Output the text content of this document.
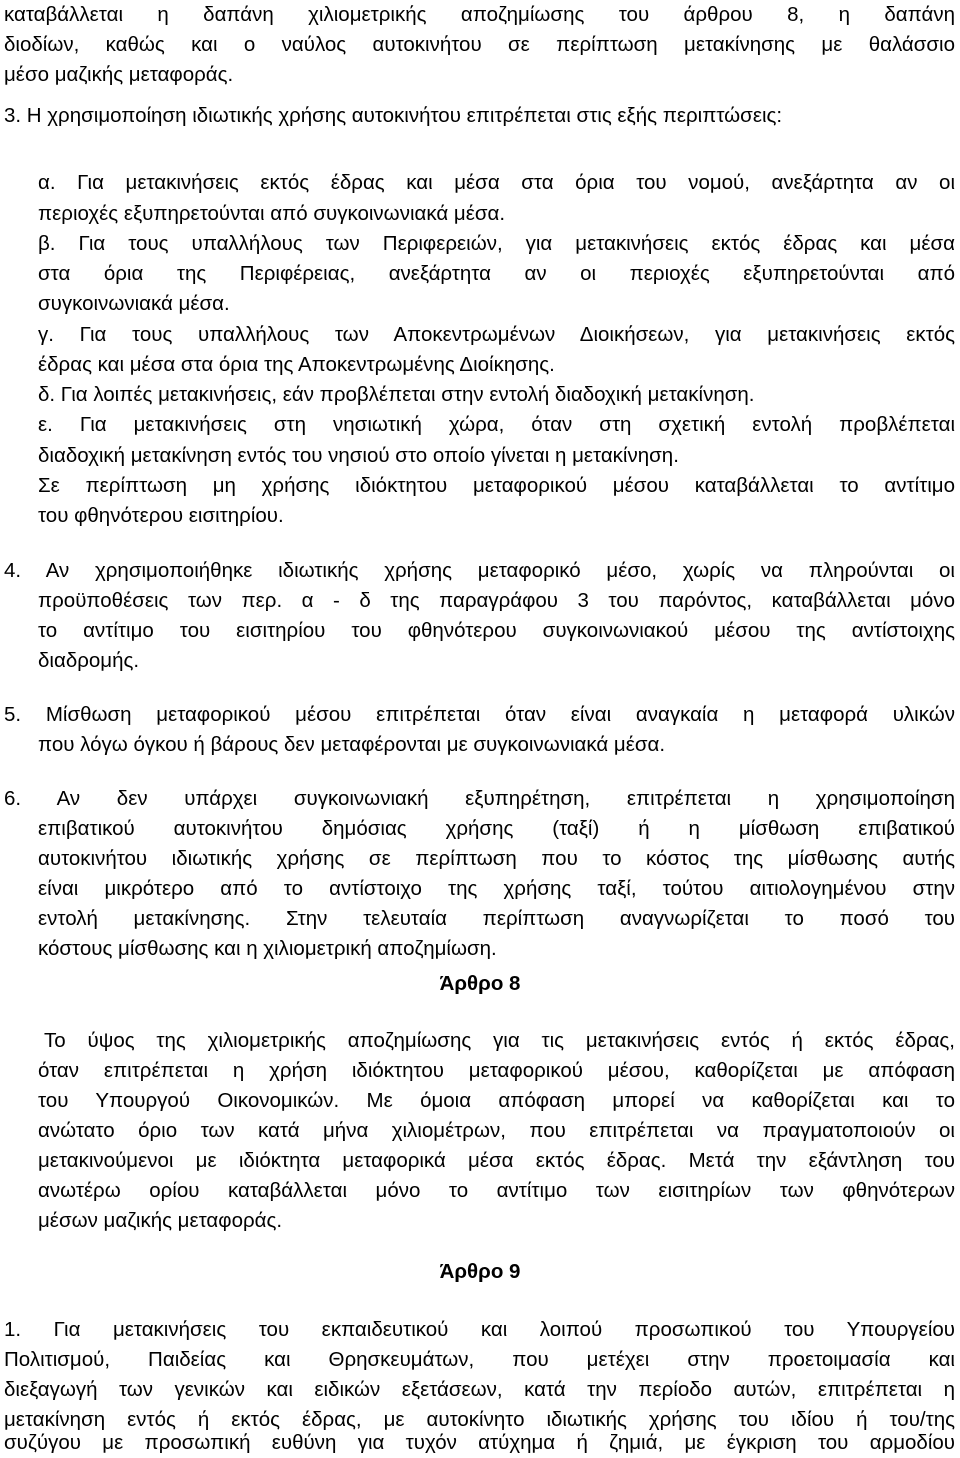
καταβάλλεται η δαπάνη χιλιομετρικής αποζημίωσης του άρθρου 8, η δαπάνη
διοδίων, καθώς και ο ναύλος αυτοκινήτου σε περίπτωση μετακίνησης με θαλάσσιο
μέσο μαζικής μεταφοράς.
3. Η χρησιμοποίηση ιδιωτικής χρήσης αυτοκινήτου επιτρέπεται στις εξής περιπτώσεις:
α. Για μετακινήσεις εκτός έδρας και μέσα στα όρια του νομού, ανεξάρτητα αν οι
περιοχές εξυπηρετούνται από συγκοινωνιακά μέσα.
β. Για τους υπαλλήλους των Περιφερειών, για μετακινήσεις εκτός έδρας και μέσα
στα όρια της Περιφέρειας, ανεξάρτητα αν οι περιοχές εξυπηρετούνται από
συγκοινωνιακά μέσα.
γ. Για τους υπαλλήλους των Αποκεντρωμένων Διοικήσεων, για μετακινήσεις εκτός
έδρας και μέσα στα όρια της Αποκεντρωμένης Διοίκησης.
δ. Για λοιπές μετακινήσεις, εάν προβλέπεται στην εντολή διαδοχική μετακίνηση.
ε. Για μετακινήσεις στη νησιωτική χώρα, όταν στη σχετική εντολή προβλέπεται
διαδοχική μετακίνηση εντός του νησιού στο οποίο γίνεται η μετακίνηση.
Σε περίπτωση μη χρήσης ιδιόκτητου μεταφορικού μέσου καταβάλλεται το αντίτιμο
του φθηνότερου εισιτηρίου.
4. Αν χρησιμοποιήθηκε ιδιωτικής χρήσης μεταφορικό μέσο, χωρίς να πληρούνται οι
προϋποθέσεις των περ. α - δ της παραγράφου 3 του παρόντος, καταβάλλεται μόνο
το αντίτιμο του εισιτηρίου του φθηνότερου συγκοινωνιακού μέσου της αντίστοιχης
διαδρομής.
5. Μίσθωση μεταφορικού μέσου επιτρέπεται όταν είναι αναγκαία η μεταφορά υλικών
που λόγω όγκου ή βάρους δεν μεταφέρονται με συγκοινωνιακά μέσα.
6. Αν δεν υπάρχει συγκοινωνιακή εξυπηρέτηση, επιτρέπεται η χρησιμοποίηση
επιβατικού αυτοκινήτου δημόσιας χρήσης (ταξί) ή η μίσθωση επιβατικού
αυτοκινήτου ιδιωτικής χρήσης σε περίπτωση που το κόστος της μίσθωσης αυτής
είναι μικρότερο από το αντίστοιχο της χρήσης ταξί, τούτου αιτιολογημένου στην
εντολή μετακίνησης. Στην τελευταία περίπτωση αναγνωρίζεται το ποσό του
κόστους μίσθωσης και η χιλιομετρική αποζημίωση.
Άρθρο 8
Το ύψος της χιλιομετρικής αποζημίωσης για τις μετακινήσεις εντός ή εκτός έδρας,
όταν επιτρέπεται η χρήση ιδιόκτητου μεταφορικού μέσου, καθορίζεται με απόφαση
του Υπουργού Οικονομικών. Με όμοια απόφαση μπορεί να καθορίζεται και το
ανώτατο όριο των κατά μήνα χιλιομέτρων, που επιτρέπεται να πραγματοποιούν οι
μετακινούμενοι με ιδιόκτητα μεταφορικά μέσα εκτός έδρας. Μετά την εξάντληση του
ανωτέρω ορίου καταβάλλεται μόνο το αντίτιμο των εισιτηρίων των φθηνότερων
μέσων μαζικής μεταφοράς.
Άρθρο 9
1. Για μετακινήσεις του εκπαιδευτικού και λοιπού προσωπικού του Υπουργείου
Πολιτισμού, Παιδείας και Θρησκευμάτων, που μετέχει στην προετοιμασία και
διεξαγωγή των γενικών και ειδικών εξετάσεων, κατά την περίοδο αυτών, επιτρέπεται η
μετακίνηση εντός ή εκτός έδρας, με αυτοκίνητο ιδιωτικής χρήσης του ιδίου ή του/της
συζύγου με προσωπική ευθύνη για τυχόν ατύχημα ή ζημιά, με έγκριση του αρμοδίου
